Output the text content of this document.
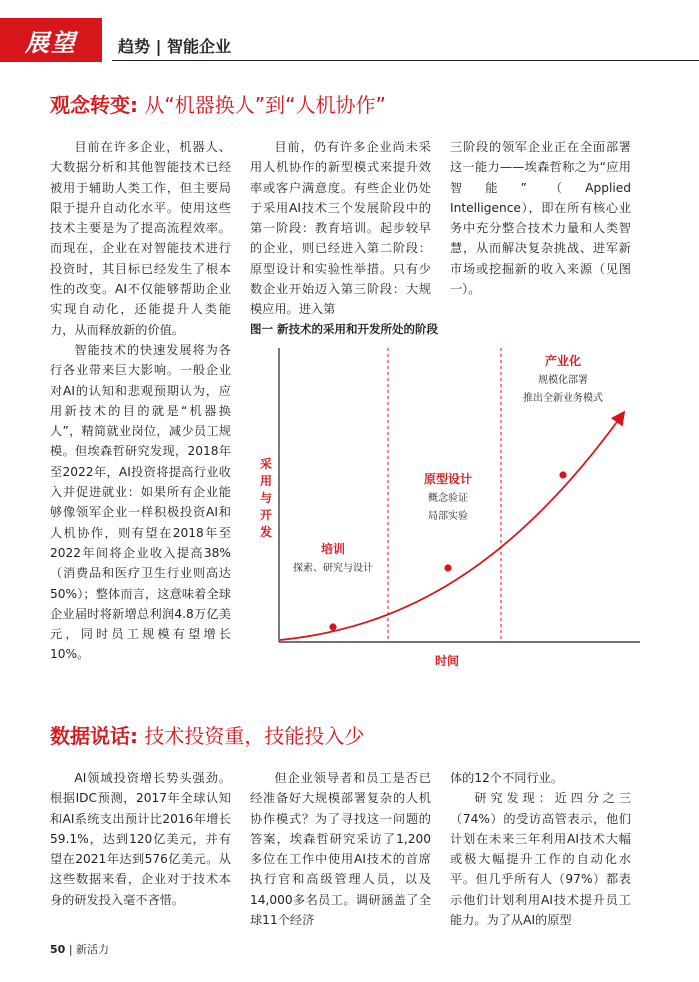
展望	趋势 | 智能企业
观念转变: 从“机器换人”到“人机协作”

目前在许多企业，机器人、大数据分析和其他智能技术已经被用于辅助人类工作，但主要局限于提升自动化水平。使用这些技术主要是为了提高流程效率。而现在，企业在对智能技术进行投资时，其目标已经发生了根本性的改变。AI不仅能够帮助企业实现自动化，还能提升人类能力，从而释放新的价值。

智能技术的快速发展将为各行各业带来巨大影响。一般企业对AI的认知和悲观预期认为，应用新技术的目的就是“机器换人”，精简就业岗位，减少员工规模。但埃森哲研究发现，2018年至2022年，AI投资将提高行业收入并促进就业：如果所有企业能够像领军企业一样积极投资AI和人机协作，则有望在2018年至2022年间将企业收入提高38%（消费品和医疗卫生行业则高达50%）；整体而言，这意味着全球企业届时将新增总利润4.8万亿美元，同时员工规模有望增长10%。

目前，仍有许多企业尚未采用人机协作的新型模式来提升效率或客户满意度。有些企业仍处于采用AI技术三个发展阶段中的第一阶段：教育培训。起步较早的企业，则已经进入第二阶段：原型设计和实验性举措。只有少数企业开始迈入第三阶段：大规模应用。进入第

三阶段的领军企业正在全面部署这一能力——埃森哲称之为“应用智能”（Applied Intelligence），即在所有核心业务中充分整合技术力量和人类智慧，从而解决复杂挑战、进军新市场或挖掘新的收入来源（见图一）。

图一 新技术的采用和开发所处的阶段
采
用
与
开
发
时间
培训
探索、研究与设计
原型设计
概念验证
局部实验
产业化
规模化部署
推出全新业务模式
数据说话: 技术投资重，技能投入少

AI领域投资增长势头强劲。根据IDC预测，2017年全球认知和AI系统支出预计比2016年增长59.1%，达到120亿美元，并有望在2021年达到576亿美元。从这些数据来看，企业对于技术本身的研发投入毫不吝惜。

但企业领导者和员工是否已经准备好大规模部署复杂的人机协作模式？为了寻找这一问题的答案，埃森哲研究采访了1,200多位在工作中使用AI技术的首席执行官和高级管理人员，以及14,000多名员工。调研涵盖了全球11个经济

体的12个不同行业。

研究发现：近四分之三（74%）的受访高管表示，他们计划在未来三年利用AI技术大幅或极大幅提升工作的自动化水平。但几乎所有人（97%）都表示他们计划利用AI技术提升员工能力。为了从AI的原型

50 | 新活力
